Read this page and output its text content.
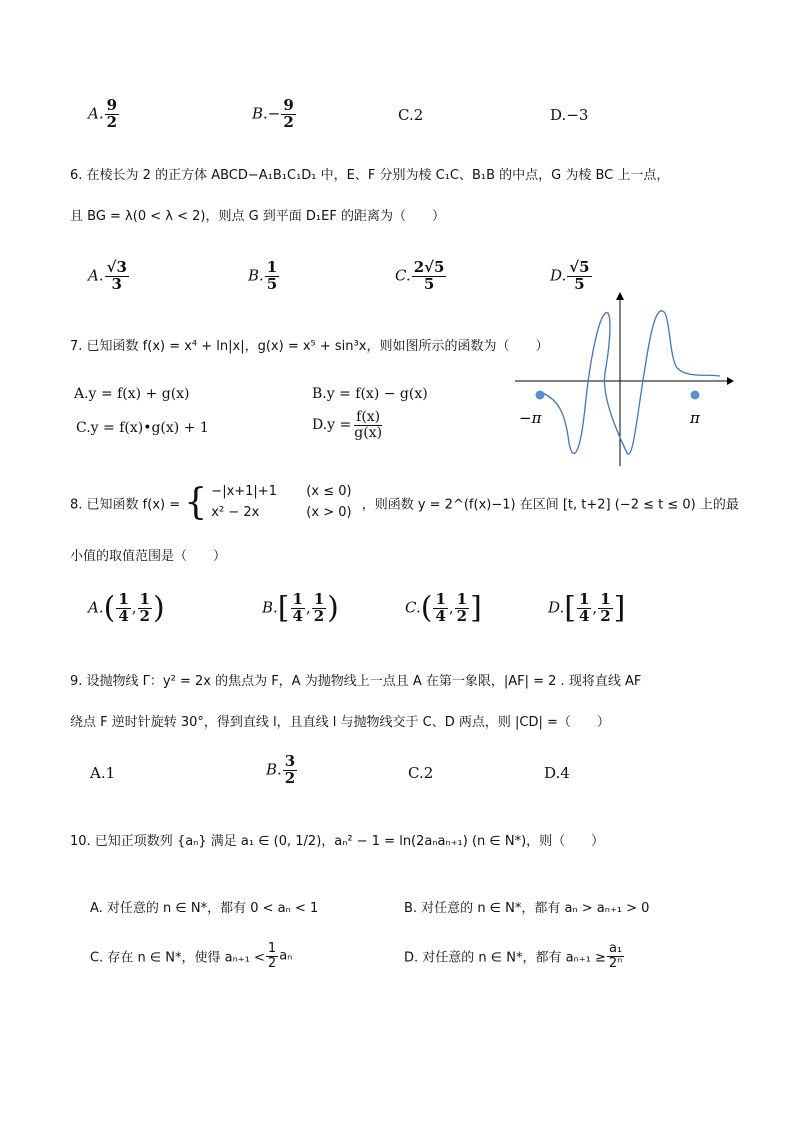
A. $\frac{9}{2}$	$B.- \frac{9}{2}$	C.2	D.−3
6. 在棱长为 2 的正方体 ABCD−A₁B₁C₁D₁ 中，E、F 分别为棱 C₁C、B₁B 的中点，G 为棱 BC 上一点，
且 BG = λ(0 < λ < 2)，则点 G 到平面 D₁EF 的距离为（　　）
A. $\frac{√3}{3}$	B. $\frac{1}{5}$	C. $\frac{2√5}{5}$	D. $\frac{√5}{5}$
7. 已知函数 f(x) = x⁴ + ln|x|，g(x) = x⁵ + sin³x，则如图所示的函数为（　　）
A.y = f(x) + g(x)	B.y = f(x) − g(x)
C.y = f(x)•g(x) + 1	$D.y = \frac{f(x)}{g(x)}$	−π	π
8. 已知函数 f(x) = { −|x+1|+1 (x ≤ 0)
x² − 2x	(x > 0) ，则函数 y = 2^(f(x)−1) 在区间 [t, t+2] (−2 ≤ t ≤ 0) 上的最
小值的取值范围是（　　）
$A.( \frac{1}{4}$ , $\frac{1}{2}$ )	$B.[ \frac{1}{4}$ , $\frac{1}{2}$ )	$C.( \frac{1}{4}$ , $\frac{1}{2}$ ]	$D.[ \frac{1}{4}$ , $\frac{1}{2}$ ]
9. 设抛物线 Γ：y² = 2x 的焦点为 F，A 为抛物线上一点且 A 在第一象限，|AF| = 2 . 现将直线 AF
绕点 F 逆时针旋转 30°，得到直线 l，且直线 l 与抛物线交于 C、D 两点，则 |CD| =（　　）
A.1	B. $\frac{3}{2}$	C.2	D.4
10. 已知正项数列 {aₙ} 满足 a₁ ∈ (0, 1/2)，aₙ² − 1 = ln(2aₙaₙ₊₁) (n ∈ N*)，则（　　）
A. 对任意的 n ∈ N*，都有 0 < aₙ < 1	B. 对任意的 n ∈ N*，都有 aₙ > aₙ₊₁ > 0
C. 存在 n ∈ N*，使得 $a_{n+1} < \frac{1}{2}$ aₙ	D. 对任意的 n ∈ N*，都有 $a_{n+1} \ge \frac{\text{a₁}}{\text{2ⁿ}}$
